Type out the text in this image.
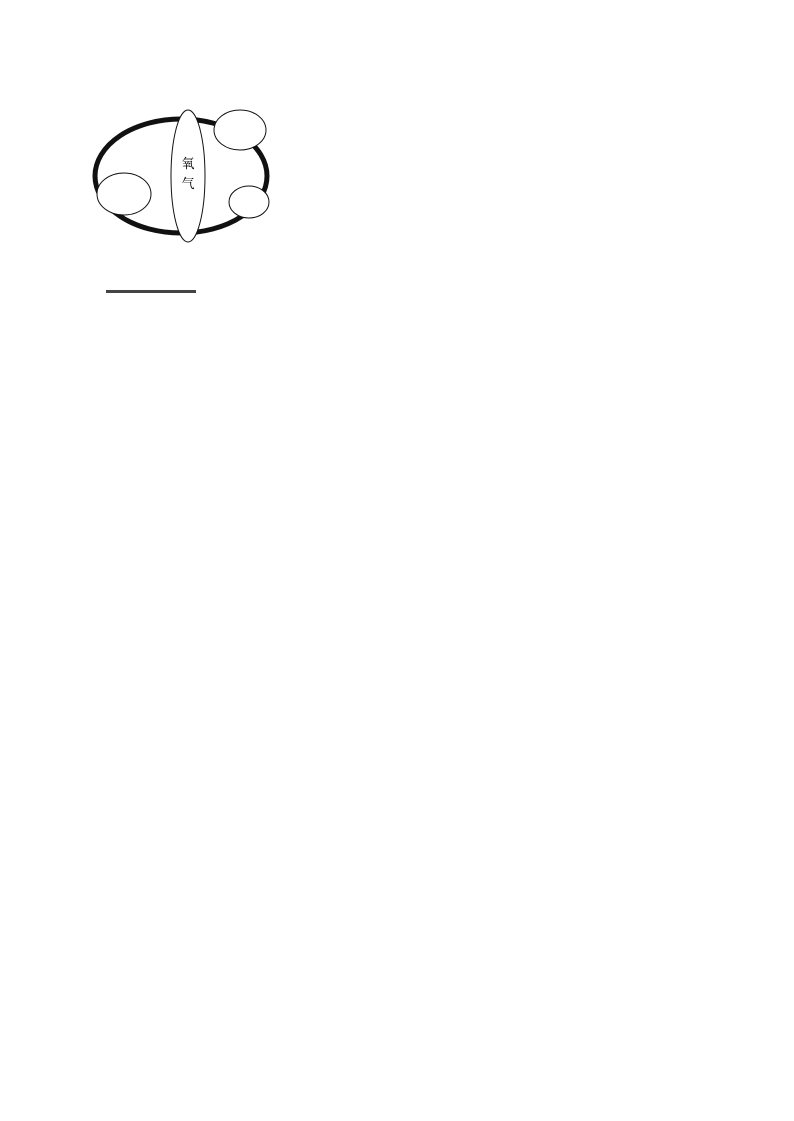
氧
气
